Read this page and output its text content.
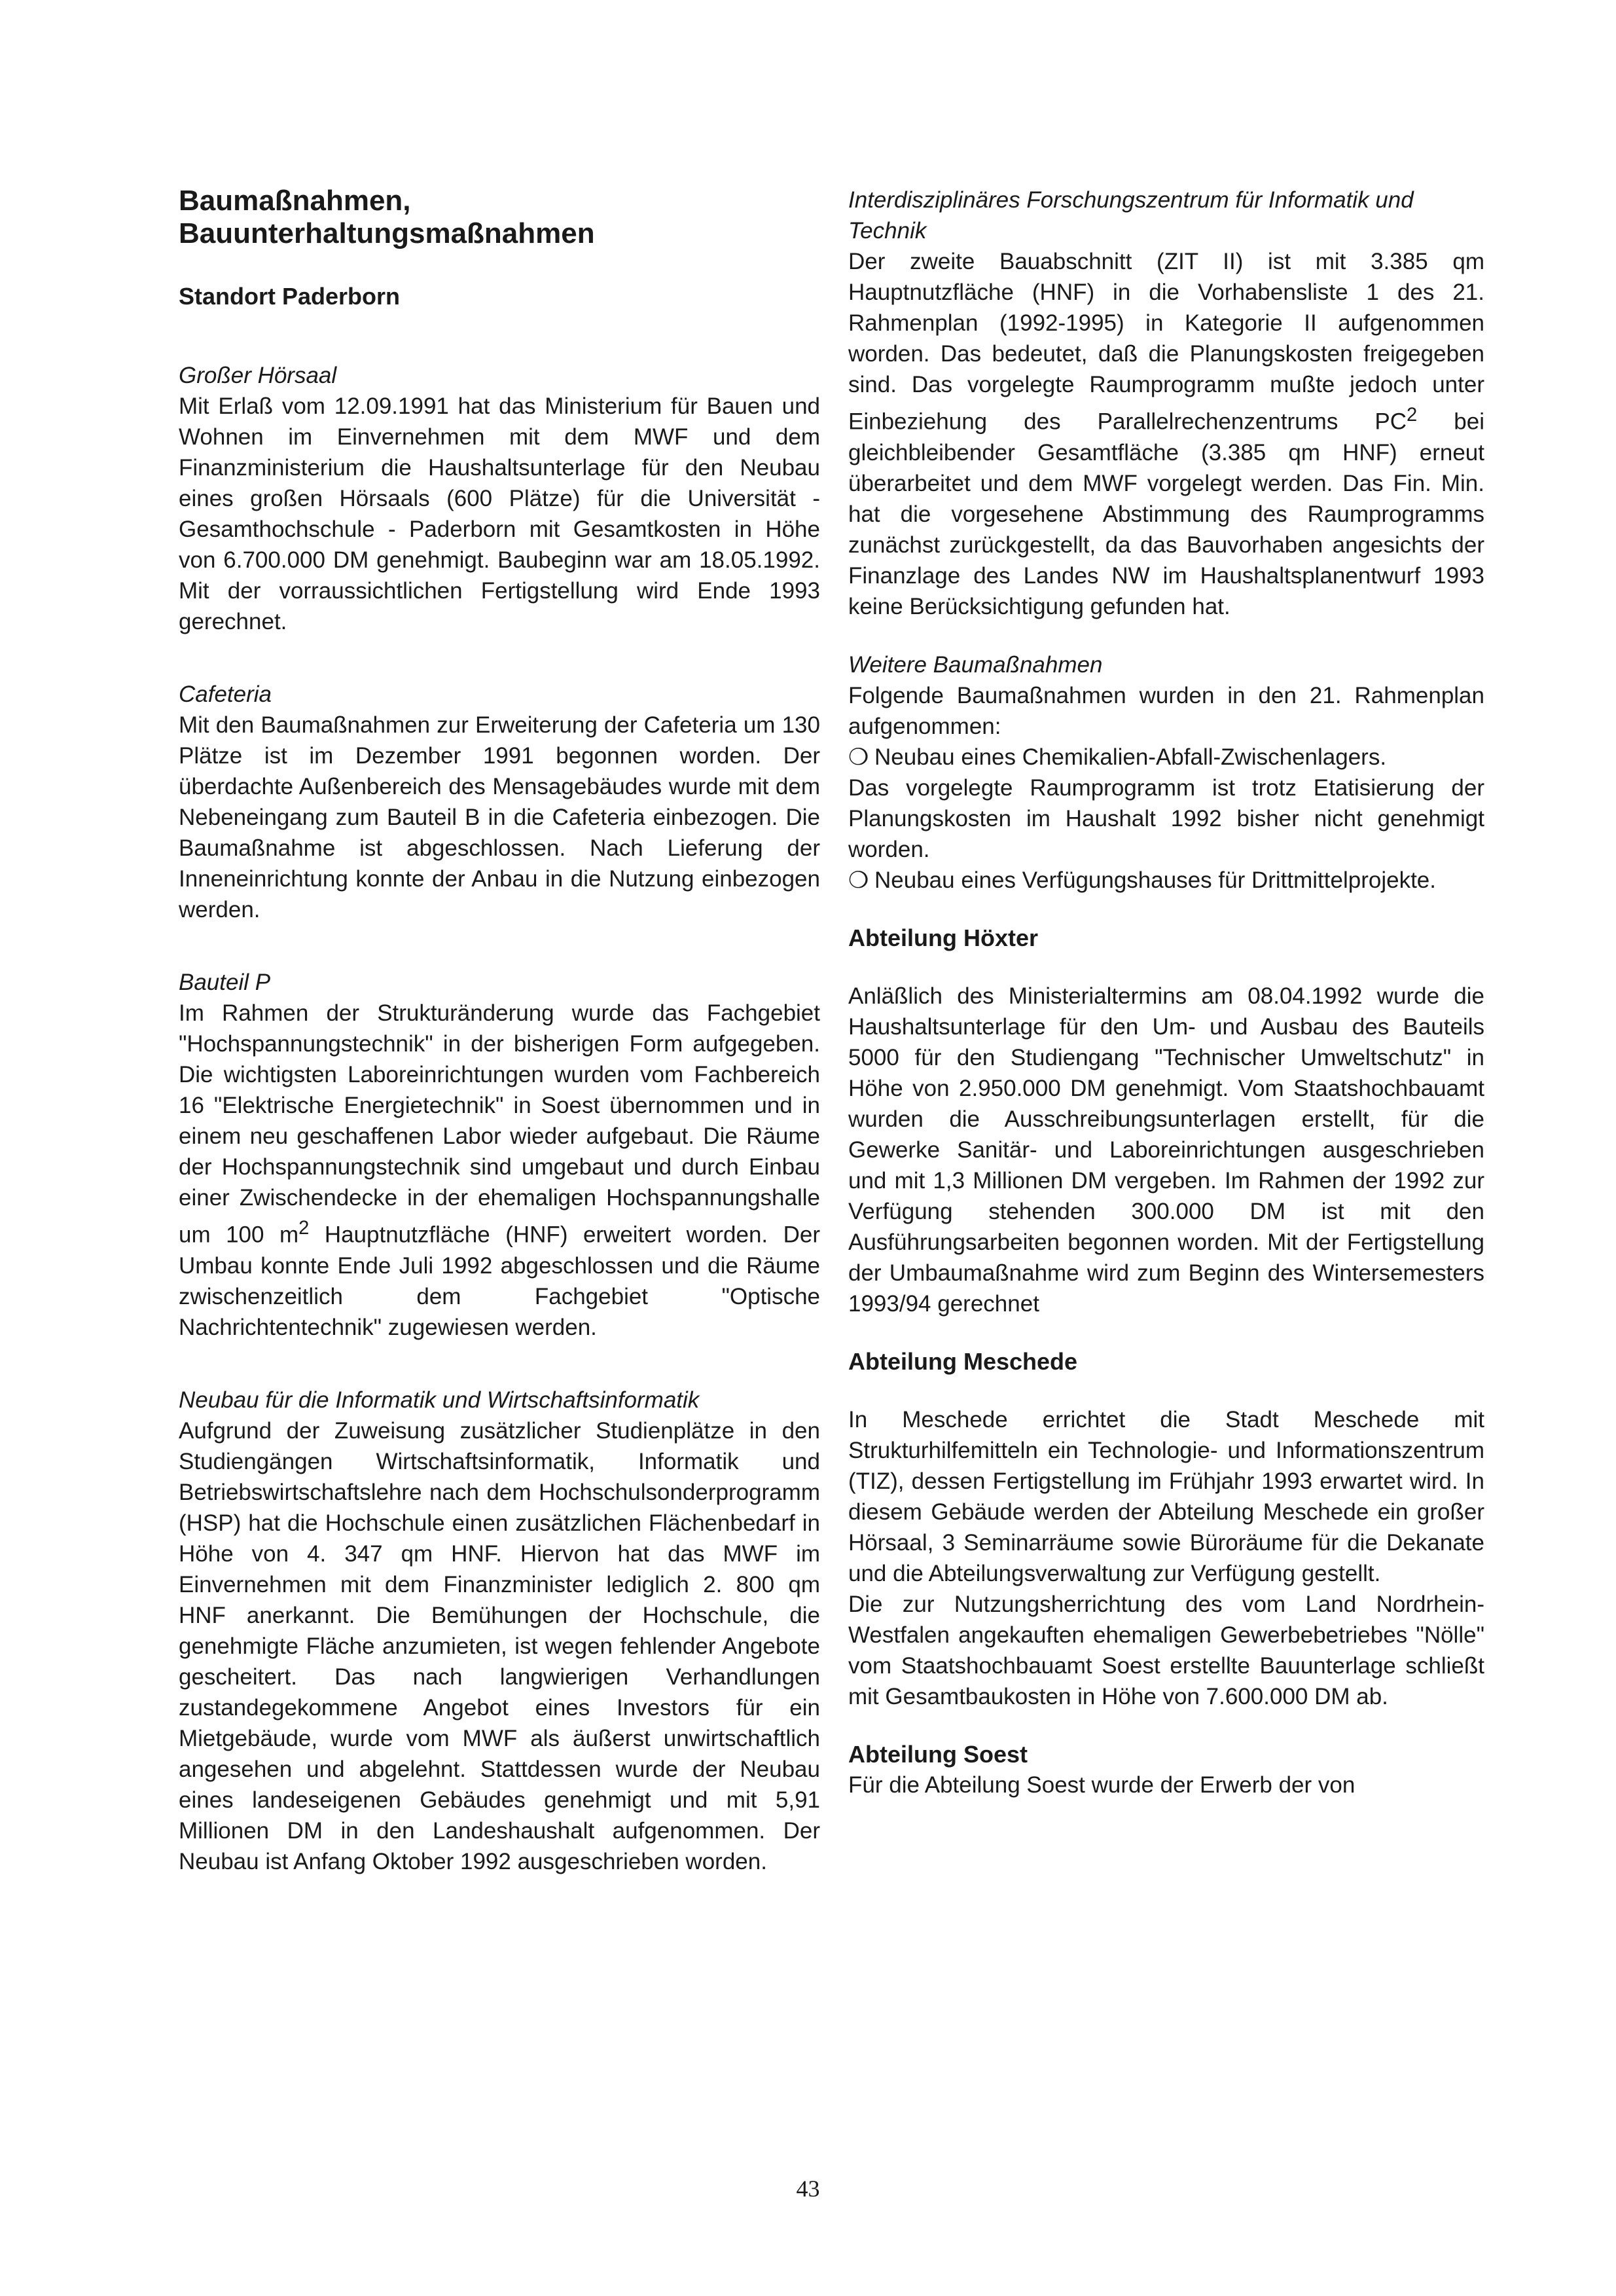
Baumaßnahmen,
Bauunterhaltungsmaßnahmen
Standort Paderborn
Großer Hörsaal

Mit Erlaß vom 12.09.1991 hat das Ministerium für Bauen und Wohnen im Einvernehmen mit dem MWF und dem Finanzministerium die Haushaltsunterlage für den Neubau eines großen Hörsaals (600 Plätze) für die Universität - Gesamthochschule - Paderborn mit Gesamtkosten in Höhe von 6.700.000 DM genehmigt. Baubeginn war am 18.05.1992. Mit der vorraussichtlichen Fertigstellung wird Ende 1993 gerechnet.

Cafeteria

Mit den Baumaßnahmen zur Erweiterung der Cafeteria um 130 Plätze ist im Dezember 1991 begonnen worden. Der überdachte Außenbereich des Mensagebäudes wurde mit dem Nebeneingang zum Bauteil B in die Cafeteria einbezogen. Die Baumaßnahme ist abgeschlossen. Nach Lieferung der Inneneinrichtung konnte der Anbau in die Nutzung einbezogen werden.

Bauteil P

Im Rahmen der Strukturänderung wurde das Fachgebiet "Hochspannungstechnik" in der bisherigen Form aufgegeben. Die wichtigsten Laboreinrichtungen wurden vom Fachbereich 16 "Elektrische Energietechnik" in Soest übernommen und in einem neu geschaffenen Labor wieder aufgebaut. Die Räume der Hochspannungstechnik sind umgebaut und durch Einbau einer Zwischendecke in der ehemaligen Hochspannungshalle um 100 $m^2$ Hauptnutzfläche (HNF) erweitert worden. Der Umbau konnte Ende Juli 1992 abgeschlossen und die Räume zwischenzeitlich dem Fachgebiet "Optische Nachrichtentechnik" zugewiesen werden.

Neubau für die Informatik und Wirtschaftsinformatik

Aufgrund der Zuweisung zusätzlicher Studienplätze in den Studiengängen Wirtschaftsinformatik, Informatik und Betriebswirtschaftslehre nach dem Hochschulsonderprogramm (HSP) hat die Hochschule einen zusätzlichen Flächenbedarf in Höhe von 4. 347 qm HNF. Hiervon hat das MWF im Einvernehmen mit dem Finanzminister lediglich 2. 800 qm HNF anerkannt. Die Bemühungen der Hochschule, die genehmigte Fläche anzumieten, ist wegen fehlender Angebote gescheitert. Das nach langwierigen Verhandlungen zustandegekommene Angebot eines Investors für ein Mietgebäude, wurde vom MWF als äußerst unwirtschaftlich angesehen und abgelehnt. Stattdessen wurde der Neubau eines landeseigenen Gebäudes genehmigt und mit 5,91 Millionen DM in den Landeshaushalt aufgenommen. Der Neubau ist Anfang Oktober 1992 ausgeschrieben worden.

Interdisziplinäres Forschungszentrum für Informatik und Technik

Der zweite Bauabschnitt (ZIT II) ist mit 3.385 qm Hauptnutzfläche (HNF) in die Vorhabensliste 1 des 21. Rahmenplan (1992-1995) in Kategorie II aufgenommen worden. Das bedeutet, daß die Planungskosten freigegeben sind. Das vorgelegte Raumprogramm mußte jedoch unter Einbeziehung des Parallelrechenzentrums $PC^2$ bei gleichbleibender Gesamtfläche (3.385 qm HNF) erneut überarbeitet und dem MWF vorgelegt werden. Das Fin. Min. hat die vorgesehene Abstimmung des Raumprogramms zunächst zurückgestellt, da das Bauvorhaben angesichts der Finanzlage des Landes NW im Haushaltsplanentwurf 1993 keine Berücksichtigung gefunden hat.

Weitere Baumaßnahmen

Folgende Baumaßnahmen wurden in den 21. Rahmenplan aufgenommen:

❍ Neubau eines Chemikalien-Abfall-Zwischenlagers.

Das vorgelegte Raumprogramm ist trotz Etatisierung der Planungskosten im Haushalt 1992 bisher nicht genehmigt worden.

❍ Neubau eines Verfügungshauses für Drittmittelprojekte.
Abteilung Höxter

Anläßlich des Ministerialtermins am 08.04.1992 wurde die Haushaltsunterlage für den Um- und Ausbau des Bauteils 5000 für den Studiengang "Technischer Umweltschutz" in Höhe von 2.950.000 DM genehmigt. Vom Staatshochbauamt wurden die Ausschreibungsunterlagen erstellt, für die Gewerke Sanitär- und Laboreinrichtungen ausgeschrieben und mit 1,3 Millionen DM vergeben. Im Rahmen der 1992 zur Verfügung stehenden 300.000 DM ist mit den Ausführungsarbeiten begonnen worden. Mit der Fertigstellung der Umbaumaßnahme wird zum Beginn des Wintersemesters 1993/94 gerechnet

Abteilung Meschede

In Meschede errichtet die Stadt Meschede mit Strukturhilfemitteln ein Technologie- und Informationszentrum (TIZ), dessen Fertigstellung im Frühjahr 1993 erwartet wird. In diesem Gebäude werden der Abteilung Meschede ein großer Hörsaal, 3 Seminarräume sowie Büroräume für die Dekanate und die Abteilungsverwaltung zur Verfügung gestellt.

Die zur Nutzungsherrichtung des vom Land Nordrhein-Westfalen angekauften ehemaligen Gewerbebetriebes "Nölle" vom Staatshochbauamt Soest erstellte Bauunterlage schließt mit Gesamtbaukosten in Höhe von 7.600.000 DM ab.

Abteilung Soest

Für die Abteilung Soest wurde der Erwerb der von

43
